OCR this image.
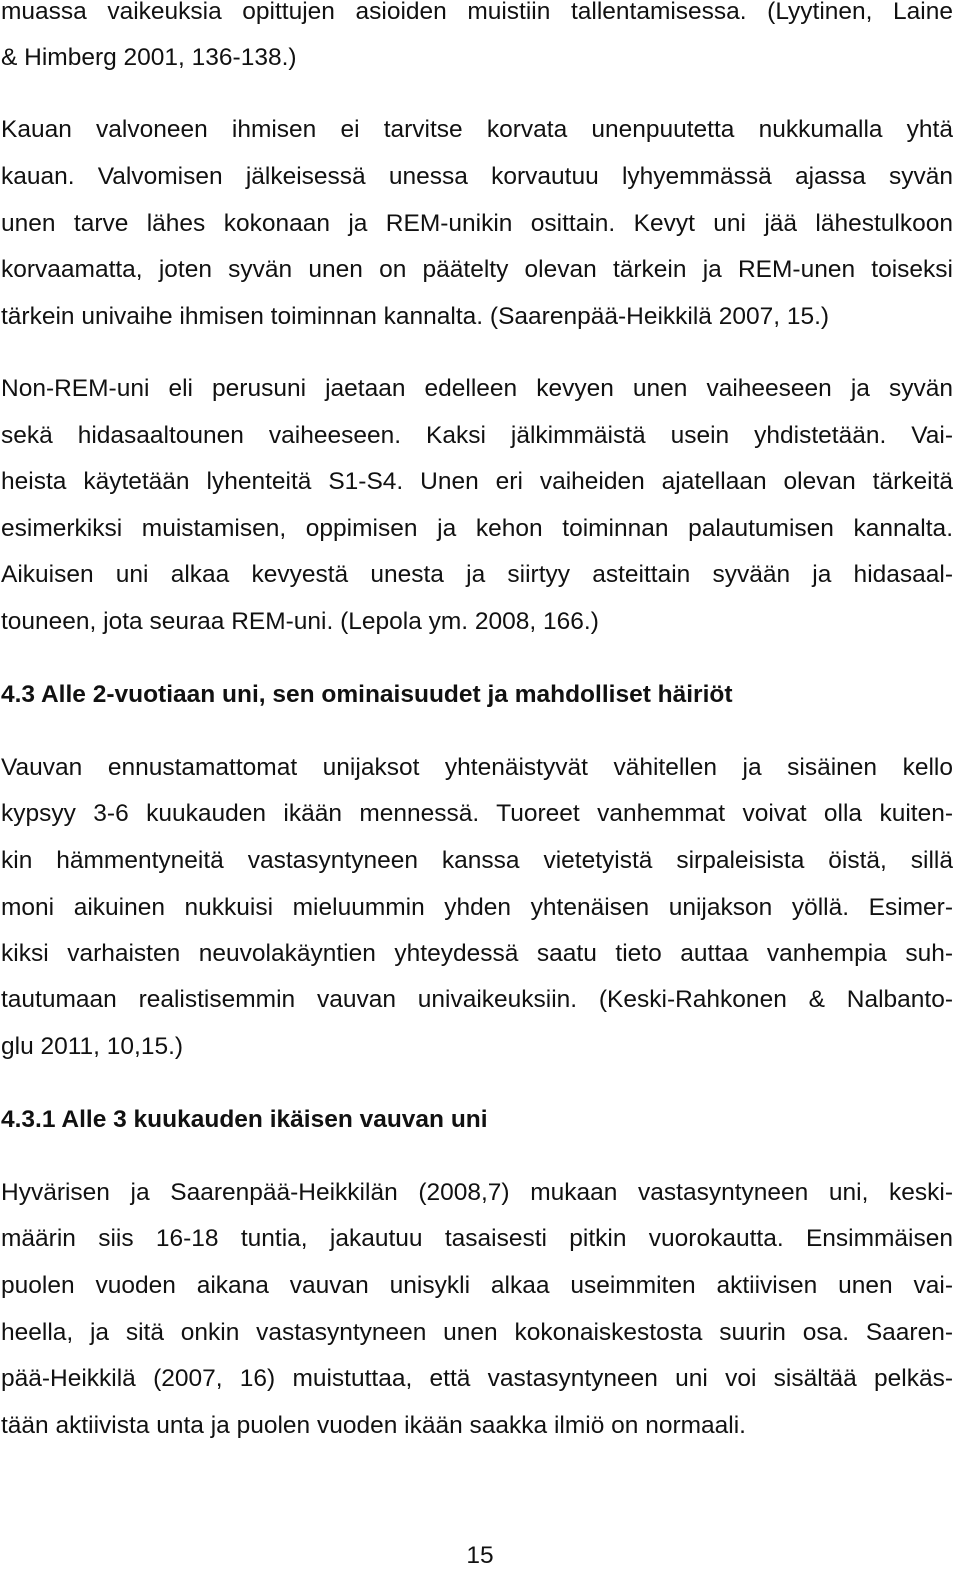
muassa vaikeuksia opittujen asioiden muistiin tallentamisessa. (Lyytinen, Laine
& Himberg 2001, 136-138.)
Kauan valvoneen ihmisen ei tarvitse korvata unenpuutetta nukkumalla yhtä
kauan. Valvomisen jälkeisessä unessa korvautuu lyhyemmässä ajassa syvän
unen tarve lähes kokonaan ja REM-unikin osittain. Kevyt uni jää lähestulkoon
korvaamatta, joten syvän unen on päätelty olevan tärkein ja REM-unen toiseksi
tärkein univaihe ihmisen toiminnan kannalta. (Saarenpää-Heikkilä 2007, 15.)
Non-REM-uni eli perusuni jaetaan edelleen kevyen unen vaiheeseen ja syvän
sekä hidasaaltounen vaiheeseen. Kaksi jälkimmäistä usein yhdistetään. Vai-
heista käytetään lyhenteitä S1-S4. Unen eri vaiheiden ajatellaan olevan tärkeitä
esimerkiksi muistamisen, oppimisen ja kehon toiminnan palautumisen kannalta.
Aikuisen uni alkaa kevyestä unesta ja siirtyy asteittain syvään ja hidasaal-
touneen, jota seuraa REM-uni. (Lepola ym. 2008, 166.)
4.3 Alle 2-vuotiaan uni, sen ominaisuudet ja mahdolliset häiriöt
Vauvan ennustamattomat unijaksot yhtenäistyvät vähitellen ja sisäinen kello
kypsyy 3-6 kuukauden ikään mennessä. Tuoreet vanhemmat voivat olla kuiten-
kin hämmentyneitä vastasyntyneen kanssa vietetyistä sirpaleisista öistä, sillä
moni aikuinen nukkuisi mieluummin yhden yhtenäisen unijakson yöllä. Esimer-
kiksi varhaisten neuvolakäyntien yhteydessä saatu tieto auttaa vanhempia suh-
tautumaan realistisemmin vauvan univaikeuksiin. (Keski-Rahkonen & Nalbanto-
glu 2011, 10,15.)
4.3.1 Alle 3 kuukauden ikäisen vauvan uni
Hyvärisen ja Saarenpää-Heikkilän (2008,7) mukaan vastasyntyneen uni, keski-
määrin siis 16-18 tuntia, jakautuu tasaisesti pitkin vuorokautta. Ensimmäisen
puolen vuoden aikana vauvan unisykli alkaa useimmiten aktiivisen unen vai-
heella, ja sitä onkin vastasyntyneen unen kokonaiskestosta suurin osa. Saaren-
pää-Heikkilä (2007, 16) muistuttaa, että vastasyntyneen uni voi sisältää pelkäs-
tään aktiivista unta ja puolen vuoden ikään saakka ilmiö on normaali.
15
